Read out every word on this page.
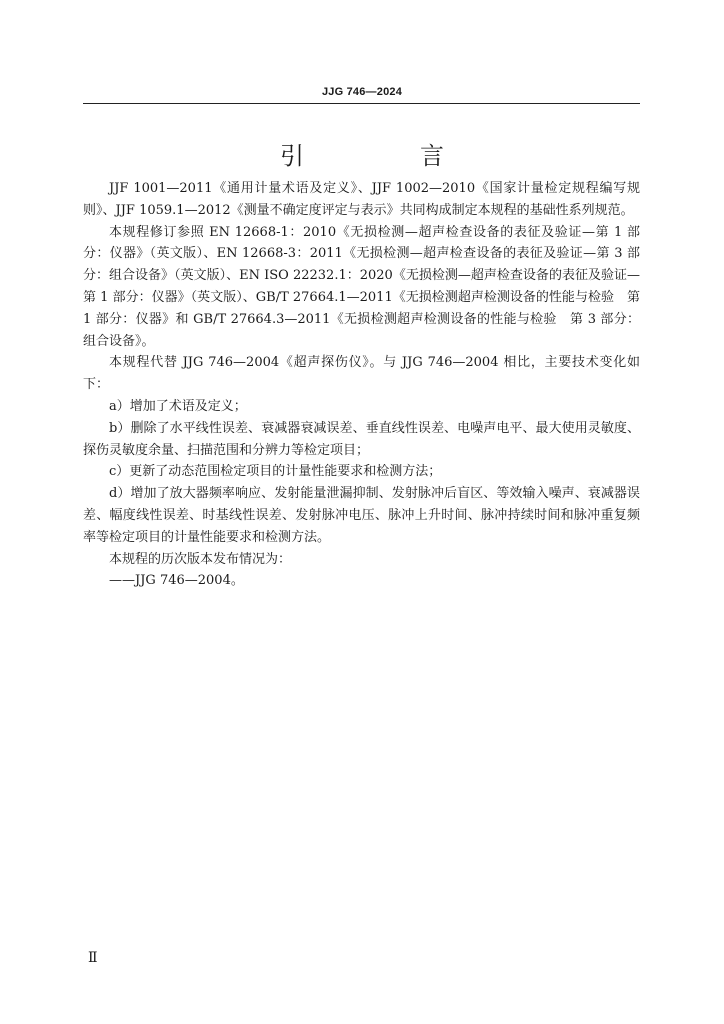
JJG 746—2024
引　言

JJF 1001—2011《通用计量术语及定义》、JJF 1002—2010《国家计量检定规程编写规则》、JJF 1059.1—2012《测量不确定度评定与表示》共同构成制定本规程的基础性系列规范。

本规程修订参照 EN 12668-1：2010《无损检测—超声检查设备的表征及验证—第 1 部分：仪器》（英文版）、EN 12668-3：2011《无损检测—超声检查设备的表征及验证—第 3 部分：组合设备》（英文版）、EN ISO 22232.1：2020《无损检测—超声检查设备的表征及验证—第 1 部分：仪器》（英文版）、GB/T 27664.1—2011《无损检测超声检测设备的性能与检验　第 1 部分：仪器》和 GB/T 27664.3—2011《无损检测超声检测设备的性能与检验　第 3 部分：组合设备》。

本规程代替 JJG 746—2004《超声探伤仪》。与 JJG 746—2004 相比，主要技术变化如下：

a）增加了术语及定义；

b）删除了水平线性误差、衰减器衰减误差、垂直线性误差、电噪声电平、最大使用灵敏度、探伤灵敏度余量、扫描范围和分辨力等检定项目；

c）更新了动态范围检定项目的计量性能要求和检测方法；

d）增加了放大器频率响应、发射能量泄漏抑制、发射脉冲后盲区、等效输入噪声、衰减器误差、幅度线性误差、时基线性误差、发射脉冲电压、脉冲上升时间、脉冲持续时间和脉冲重复频率等检定项目的计量性能要求和检测方法。

本规程的历次版本发布情况为：

——JJG 746—2004。

Ⅱ
